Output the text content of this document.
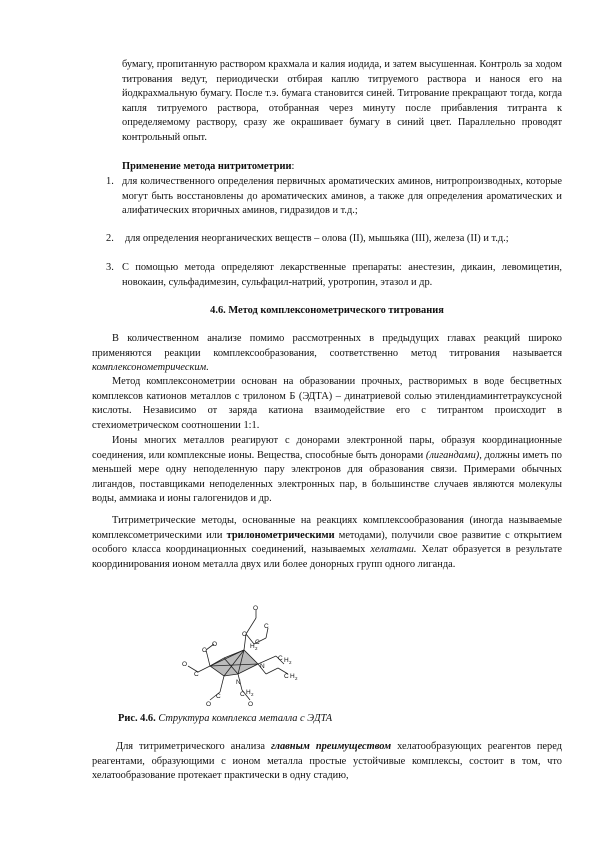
бумагу, пропитанную раствором крахмала и калия иодида, и затем высушенная. Контроль за ходом титрования ведут, периодически отбирая каплю титруемого раствора и нанося его на йодкрахмальную бумагу. После т.э. бумага становится синей. Титрование прекращают тогда, когда капля титруемого раствора, отобранная через минуту после прибавления титранта к определяемому раствору, сразу же окрашивает бумагу в синий цвет. Параллельно проводят контрольный опыт.
Применение метода нитритометрии:
1. для количественного определения первичных ароматических аминов, нитропроизводных, которые могут быть восстановлены до ароматических аминов, а также для определения ароматических и алифатических вторичных аминов, гидразидов и т.д.;
2. для определения неорганических веществ – олова (II), мышьяка (III), железа (II) и т.д.;
3. С помощью метода определяют лекарственные препараты: анестезин, дикаин, левомицетин, новокаин, сульфадимезин, сульфацил-натрий, уротропин, этазол и др.
4.6. Метод комплексонометрического титрования
В количественном анализе помимо рассмотренных в предыдущих главах реакций широко применяются реакции комплексообразования, соответственно метод титрования называется комплексонометрическим.
Метод комплексонометрии основан на образовании прочных, растворимых в воде бесцветных комплексов катионов металлов с трилоном Б (ЭДТА) – динатриевой солью этилендиаминтетрауксусной кислоты. Независимо от заряда катиона взаимодействие его с титрантом происходит в стехиометрическом соотношении 1:1.
Ионы многих металлов реагируют с донорами электронной пары, образуя координационные соединения, или комплексные ионы. Вещества, способные быть донорами (лигандами), должны иметь по меньшей мере одну неподеленную пару электронов для образования связи. Примерами обычных лигандов, поставщиками неподеленных электронных пар, в большинстве случаев являются молекулы воды, аммиака и ионы галогенидов и др.
Титриметрические методы, основанные на реакциях комплексообразования (иногда называемые комплексометрическими или трилонометрическими методами), получили свое развитие с открытием особого класса координационных соединений, называемых хелатами. Хелат образуется в результате координирования ионом металла двух или более донорных групп одного лиганда.
O
C
C
H 2
C
N
C H 2
C H 2
O
C
O
C
N
C H 2
O
C
O
Рис. 4.6. Структура комплекса металла с ЭДТА
Для титриметрического анализа главным преимуществом хелатообразующих реагентов перед реагентами, образующими с ионом металла простые устойчивые комплексы, состоит в том, что хелатообразование протекает практически в одну стадию,
